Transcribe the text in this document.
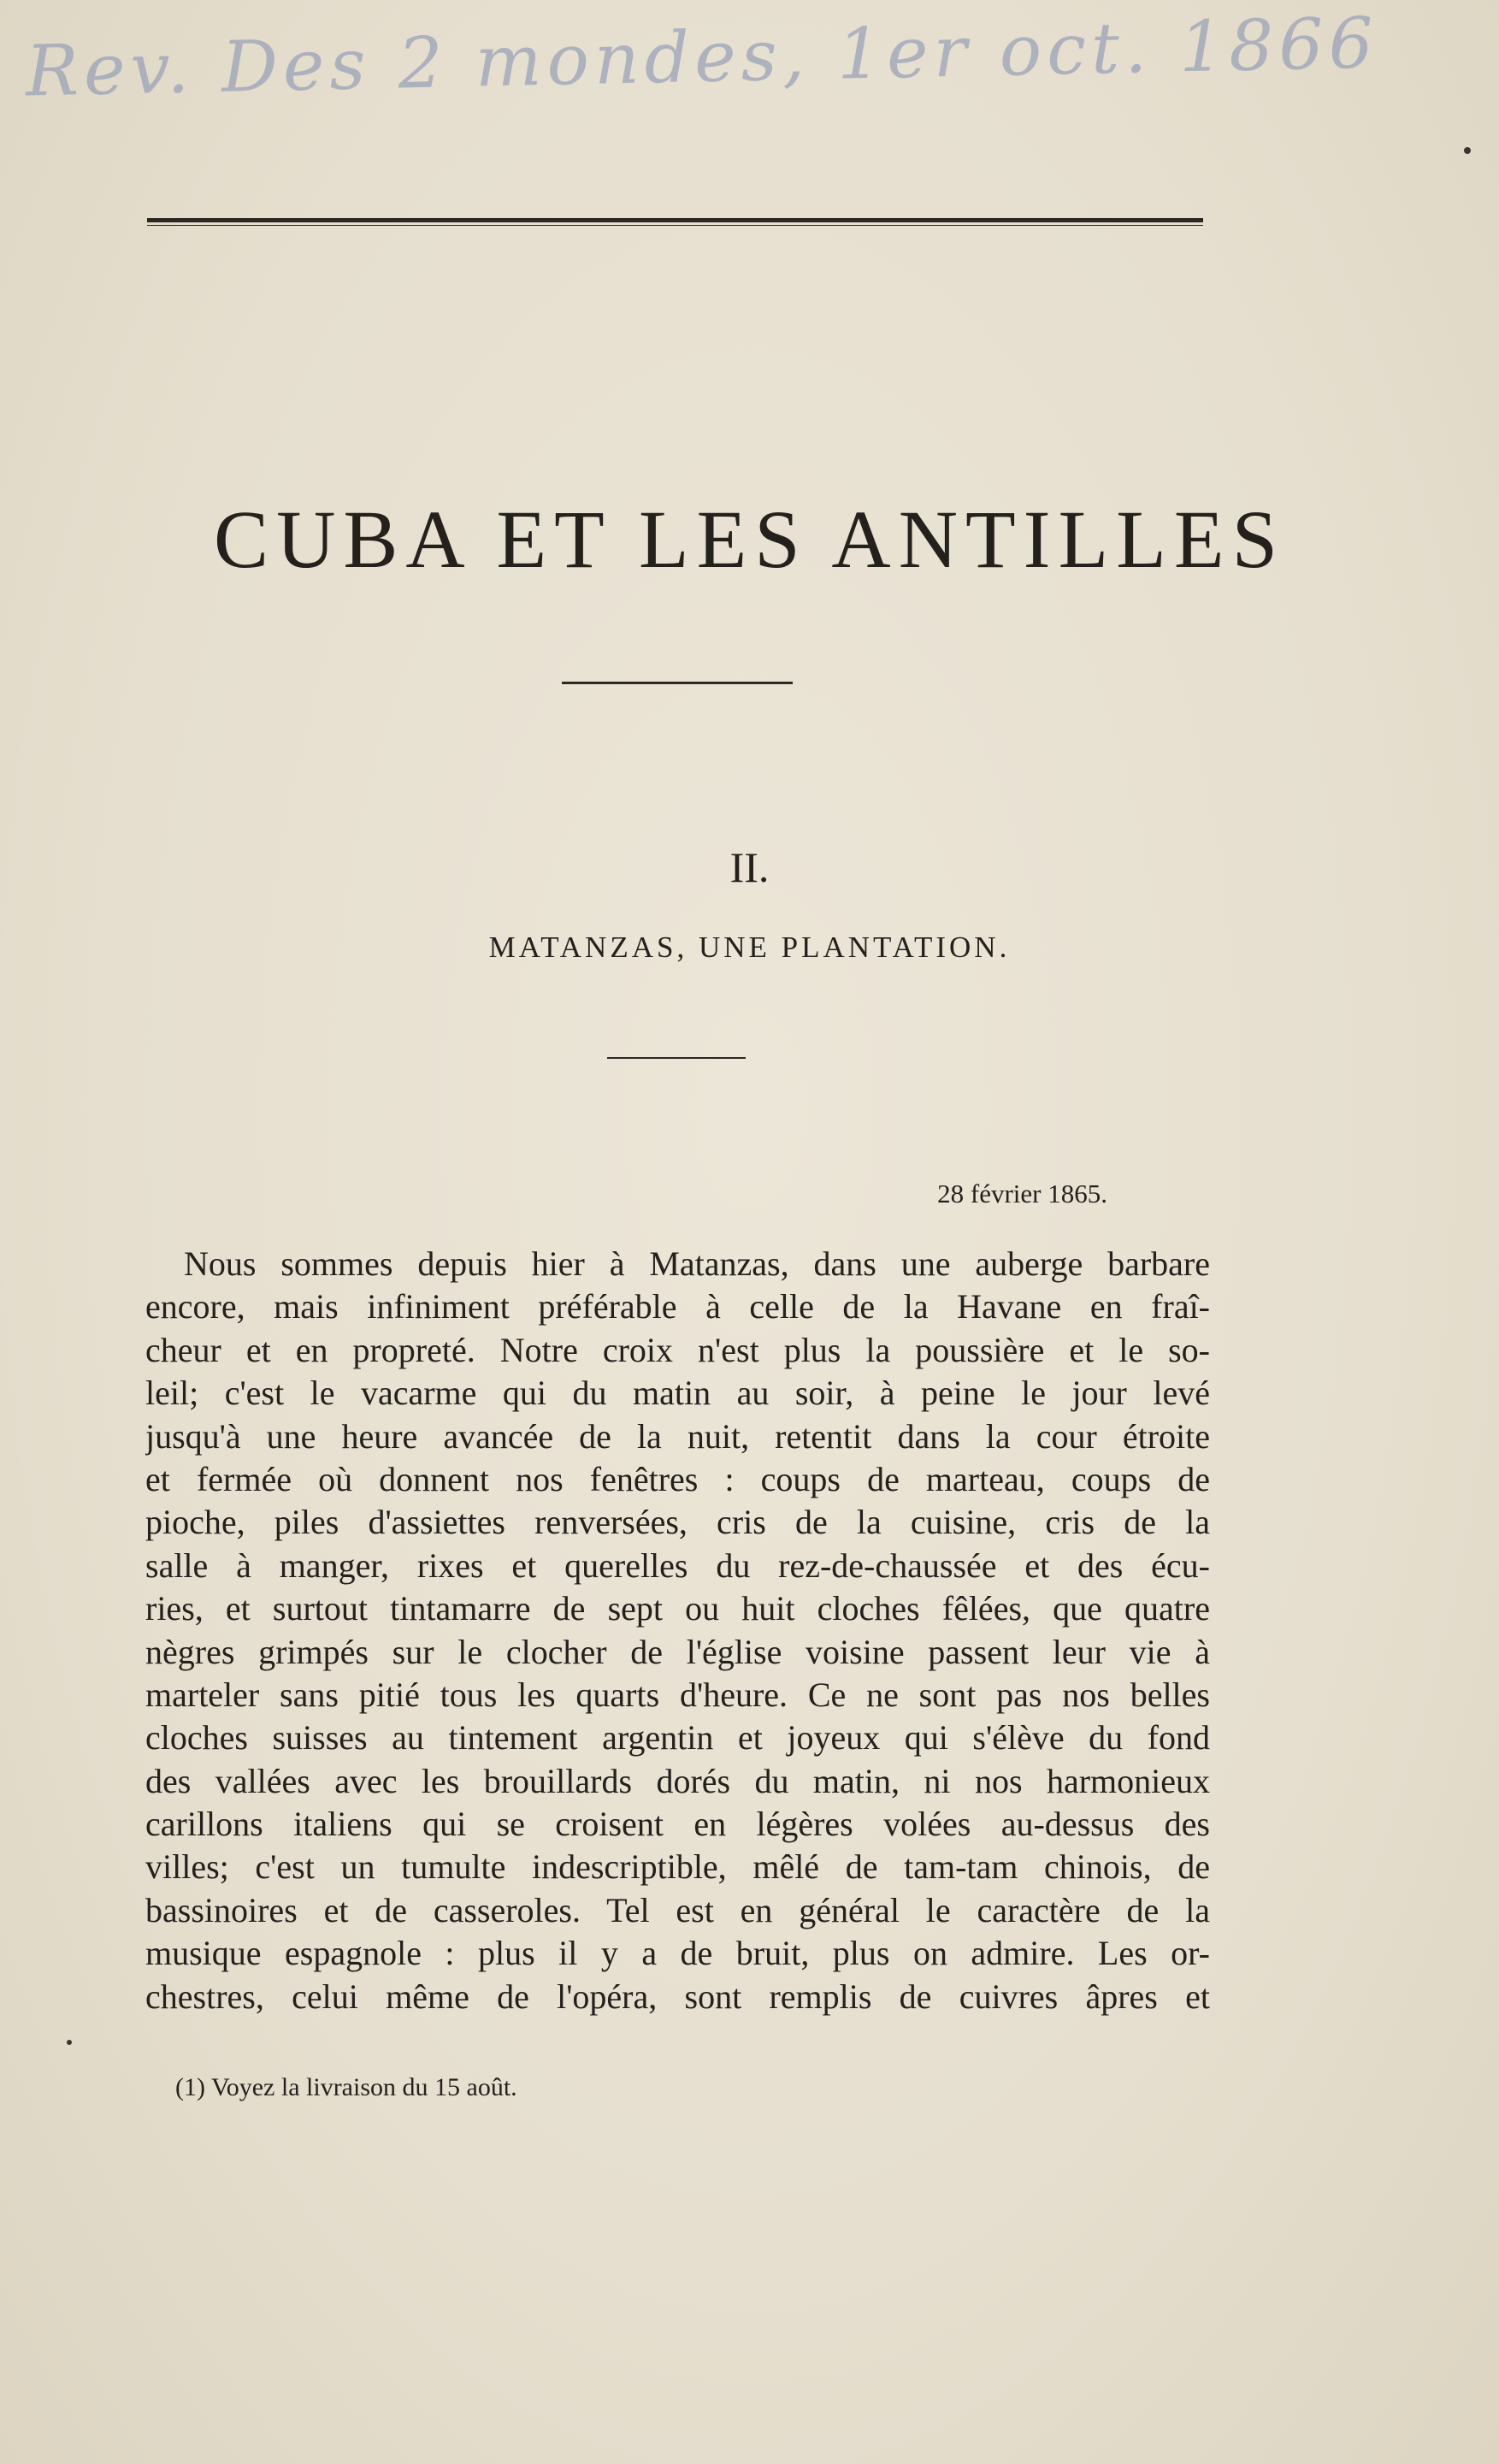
Rev. Des 2 mondes, 1er oct. 1866
CUBA ET LES ANTILLES
II.
MATANZAS, UNE PLANTATION.
28 février 1865.
Nous sommes depuis hier à Matanzas, dans une auberge barbare
encore, mais infiniment préférable à celle de la Havane en fraî-
cheur et en propreté. Notre croix n'est plus la poussière et le so-
leil; c'est le vacarme qui du matin au soir, à peine le jour levé
jusqu'à une heure avancée de la nuit, retentit dans la cour étroite
et fermée où donnent nos fenêtres : coups de marteau, coups de
pioche, piles d'assiettes renversées, cris de la cuisine, cris de la
salle à manger, rixes et querelles du rez-de-chaussée et des écu-
ries, et surtout tintamarre de sept ou huit cloches fêlées, que quatre
nègres grimpés sur le clocher de l'église voisine passent leur vie à
marteler sans pitié tous les quarts d'heure. Ce ne sont pas nos belles
cloches suisses au tintement argentin et joyeux qui s'élève du fond
des vallées avec les brouillards dorés du matin, ni nos harmonieux
carillons italiens qui se croisent en légères volées au-dessus des
villes; c'est un tumulte indescriptible, mêlé de tam-tam chinois, de
bassinoires et de casseroles. Tel est en général le caractère de la
musique espagnole : plus il y a de bruit, plus on admire. Les or-
chestres, celui même de l'opéra, sont remplis de cuivres âpres et
(1) Voyez la livraison du 15 août.
